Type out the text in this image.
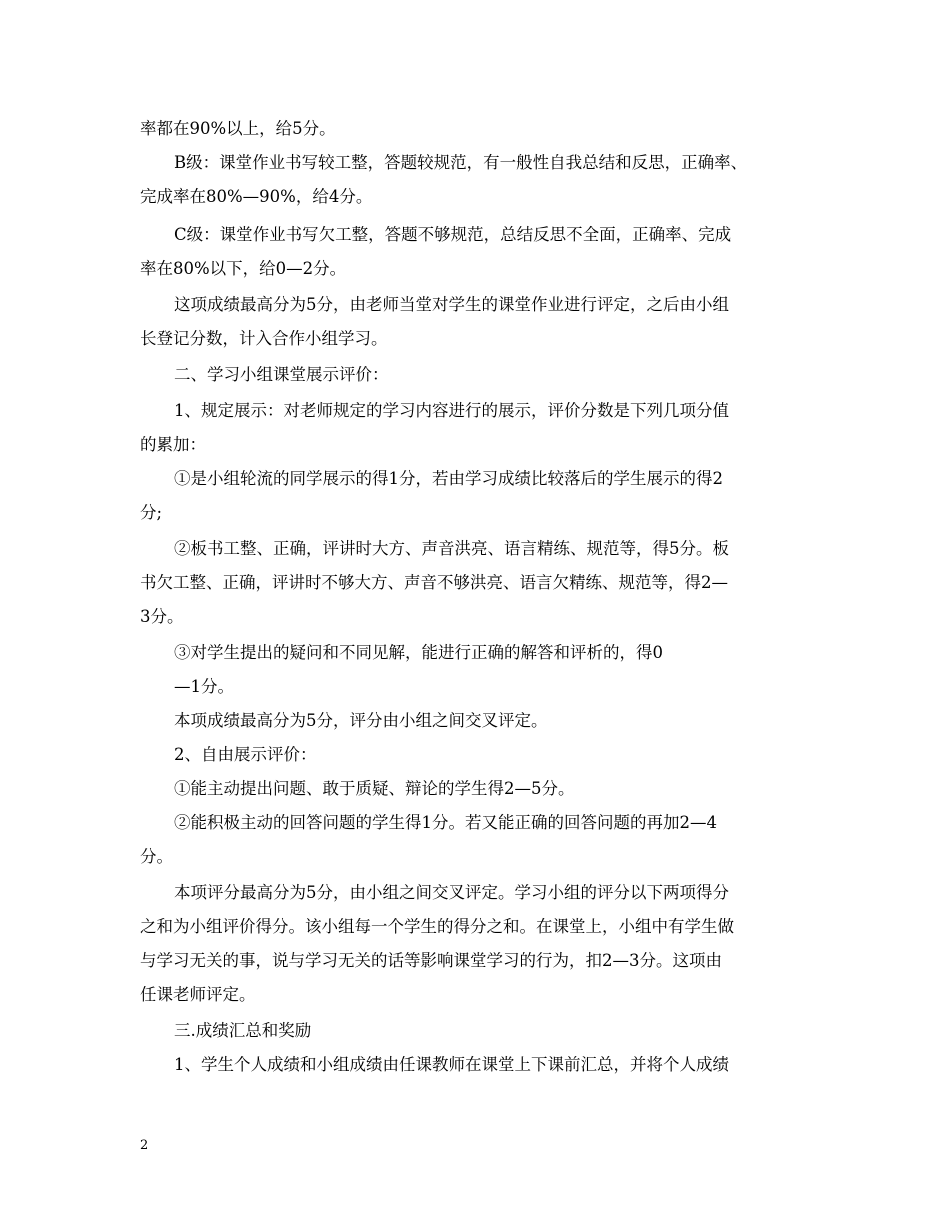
率都在90%以上，给5分。
B级：课堂作业书写较工整，答题较规范，有一般性自我总结和反思，正确率、
完成率在80%—90%，给4分。
C级：课堂作业书写欠工整，答题不够规范，总结反思不全面，正确率、完成
率在80%以下，给0—2分。
这项成绩最高分为5分，由老师当堂对学生的课堂作业进行评定，之后由小组
长登记分数，计入合作小组学习。
二、学习小组课堂展示评价：
1、规定展示：对老师规定的学习内容进行的展示，评价分数是下列几项分值
的累加：
①是小组轮流的同学展示的得1分，若由学习成绩比较落后的学生展示的得2
分;
②板书工整、正确，评讲时大方、声音洪亮、语言精练、规范等，得5分。板
书欠工整、正确，评讲时不够大方、声音不够洪亮、语言欠精练、规范等，得2—
3分。
③对学生提出的疑问和不同见解，能进行正确的解答和评析的，得0
—1分。
本项成绩最高分为5分，评分由小组之间交叉评定。
2、自由展示评价：
①能主动提出问题、敢于质疑、辩论的学生得2—5分。
②能积极主动的回答问题的学生得1分。若又能正确的回答问题的再加2—4
分。
本项评分最高分为5分，由小组之间交叉评定。学习小组的评分以下两项得分
之和为小组评价得分。该小组每一个学生的得分之和。在课堂上，小组中有学生做
与学习无关的事，说与学习无关的话等影响课堂学习的行为，扣2—3分。这项由
任课老师评定。
三.成绩汇总和奖励
1、学生个人成绩和小组成绩由任课教师在课堂上下课前汇总，并将个人成绩
2
